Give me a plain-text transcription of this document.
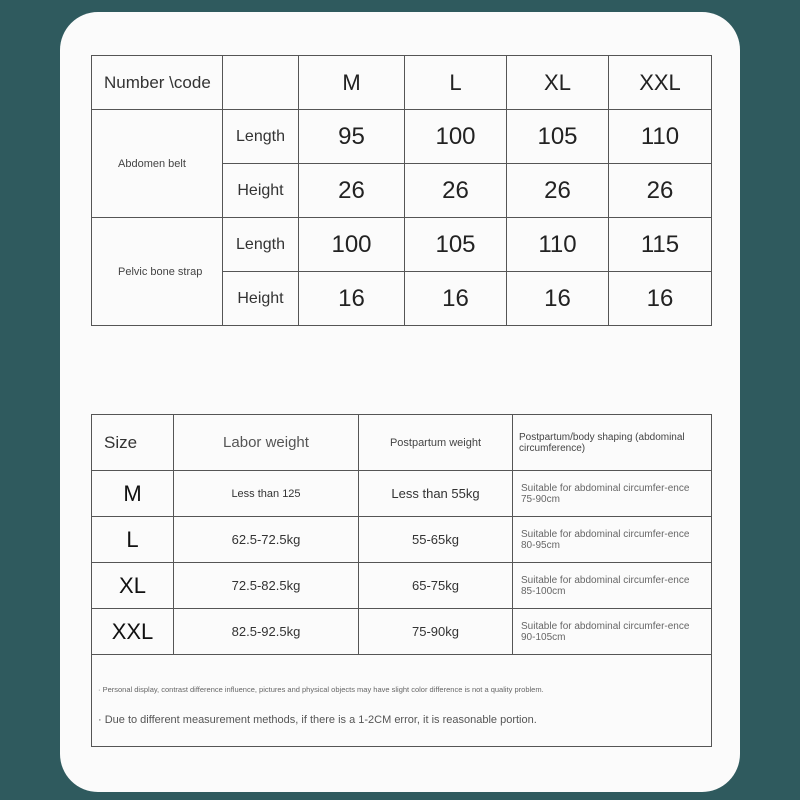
Number \code		M	L	XL	XXL
Abdomen belt	Length	95	100	105	110
	Height	26	26	26	26
Pelvic bone strap	Length	100	105	110	115
	Height	16	16	16	16
Size	Labor weight	Postpartum weight	Postpartum/body shaping (abdominal circumference)
M	Less than 125	Less than 55kg	Suitable for abdominal circumfer-ence 75-90cm
L	62.5-72.5kg	55-65kg	Suitable for abdominal circumfer-ence 80-95cm
XL	72.5-82.5kg	65-75kg	Suitable for abdominal circumfer-ence 85-100cm
XXL	82.5-92.5kg	75-90kg	Suitable for abdominal circumfer-ence 90-105cm

· Personal display, contrast difference influence, pictures and physical objects may have slight color difference is not a quality problem.
· Due to different measurement methods, if there is a 1-2CM error, it is reasonable portion.			
